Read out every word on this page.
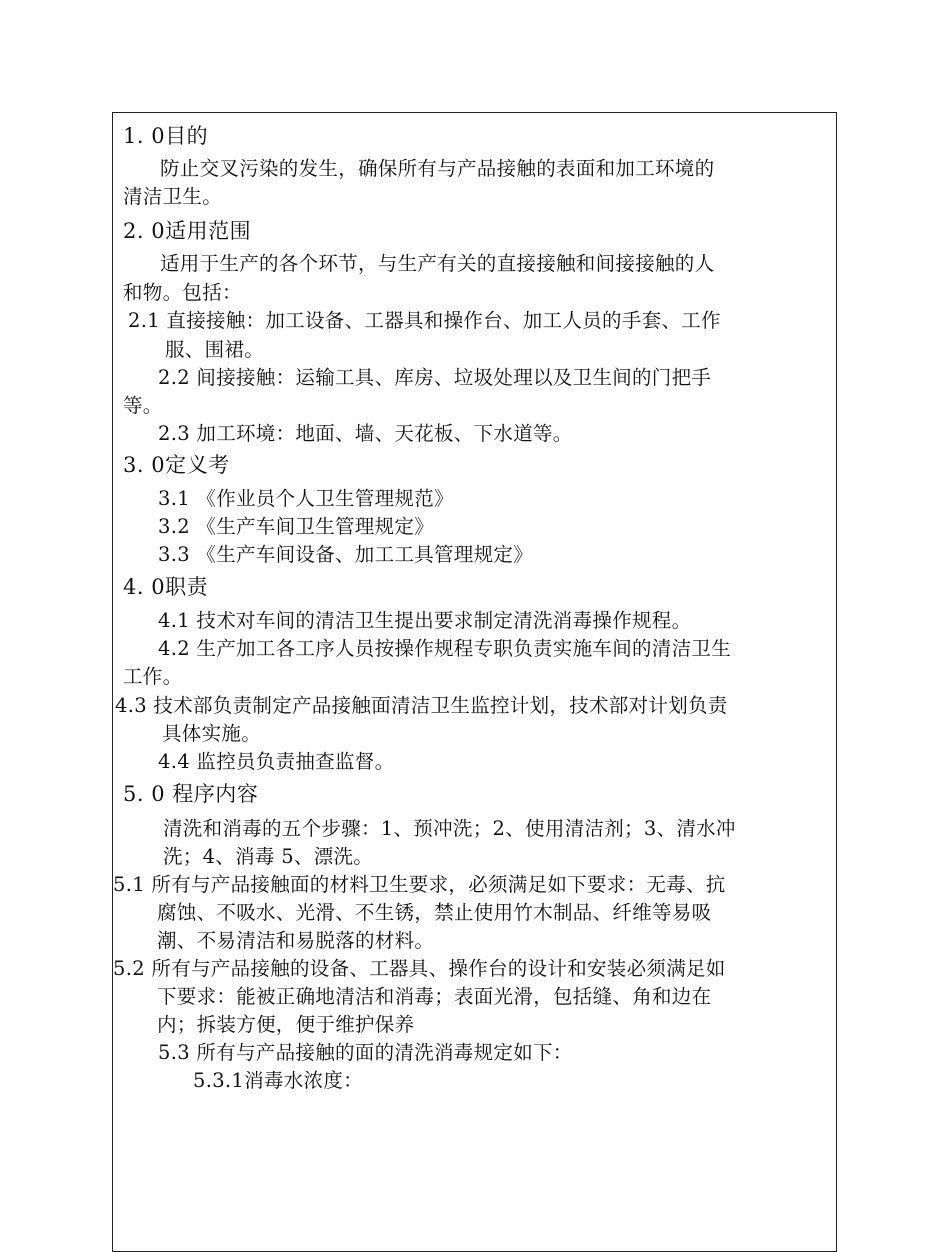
1. 0目的
防止交叉污染的发生，确保所有与产品接触的表面和加工环境的
清洁卫生。
2. 0适用范围
适用于生产的各个环节，与生产有关的直接接触和间接接触的人
和物。包括：
2.1 直接接触：加工设备、工器具和操作台、加工人员的手套、工作
服、围裙。
2.2 间接接触：运输工具、库房、垃圾处理以及卫生间的门把手
等。
2.3 加工环境：地面、墙、天花板、下水道等。
3. 0定义考
3.1 《作业员个人卫生管理规范》
3.2 《生产车间卫生管理规定》
3.3 《生产车间设备、加工工具管理规定》
4. 0职责
4.1 技术对车间的清洁卫生提出要求制定清洗消毒操作规程。
4.2 生产加工各工序人员按操作规程专职负责实施车间的清洁卫生
工作。
4.3 技术部负责制定产品接触面清洁卫生监控计划，技术部对计划负责
具体实施。
4.4 监控员负责抽查监督。
5. 0 程序内容
清洗和消毒的五个步骤：1、预冲洗；2、使用清洁剂；3、清水冲
洗；4、消毒 5、漂洗。
5.1 所有与产品接触面的材料卫生要求，必须满足如下要求：无毒、抗
腐蚀、不吸水、光滑、不生锈，禁止使用竹木制品、纤维等易吸
潮、不易清洁和易脱落的材料。
5.2 所有与产品接触的设备、工器具、操作台的设计和安装必须满足如
下要求：能被正确地清洁和消毒；表面光滑，包括缝、角和边在
内；拆装方便，便于维护保养
5.3 所有与产品接触的面的清洗消毒规定如下：
5.3.1消毒水浓度：
